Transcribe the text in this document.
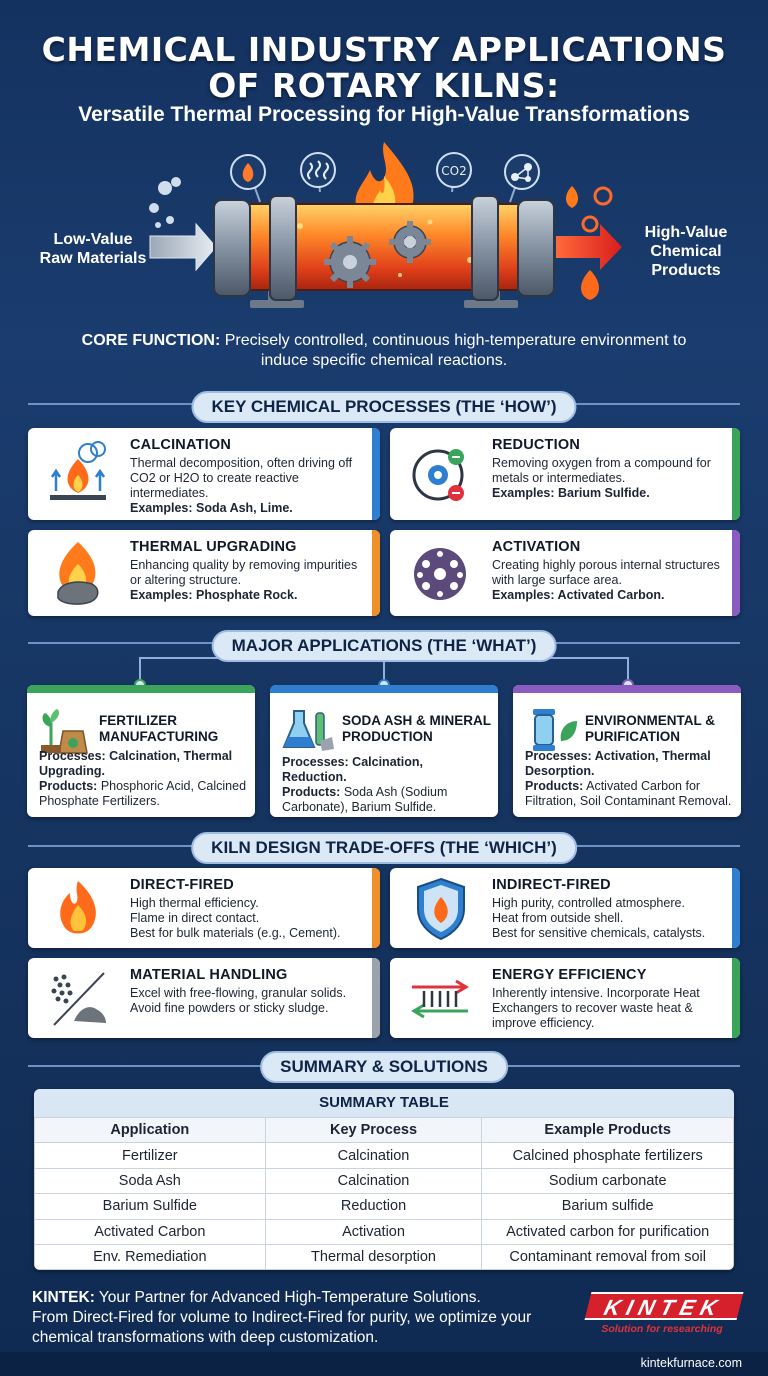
CHEMICAL INDUSTRY APPLICATIONS
OF ROTARY KILNS:
Versatile Thermal Processing for High-Value Transformations
CO2
Low-Value
Raw Materials
High-Value
Chemical
Products
CORE FUNCTION: Precisely controlled, continuous high-temperature environment to induce specific chemical reactions.
KEY CHEMICAL PROCESSES (THE ‘HOW’)
CALCINATION
Thermal decomposition, often driving off CO2 or H2O to create reactive intermediates.
Examples: Soda Ash, Lime.
REDUCTION
Removing oxygen from a compound for metals or intermediates.
Examples: Barium Sulfide.
THERMAL UPGRADING
Enhancing quality by removing impurities or altering structure.
Examples: Phosphate Rock.
ACTIVATION
Creating highly porous internal structures with large surface area.
Examples: Activated Carbon.
MAJOR APPLICATIONS (THE ‘WHAT’)
FERTILIZER
MANUFACTURING
Processes: Calcination, Thermal Upgrading.
Products: Phosphoric Acid, Calcined Phosphate Fertilizers.
SODA ASH & MINERAL
PRODUCTION
Processes: Calcination, Reduction.
Products: Soda Ash (Sodium Carbonate), Barium Sulfide.
ENVIRONMENTAL &
PURIFICATION
Processes: Activation, Thermal Desorption.
Products: Activated Carbon for Filtration, Soil Contaminant Removal.
KILN DESIGN TRADE-OFFS (THE ‘WHICH’)
DIRECT-FIRED
High thermal efficiency.
Flame in direct contact.
Best for bulk materials (e.g., Cement).
INDIRECT-FIRED
High purity, controlled atmosphere.
Heat from outside shell.
Best for sensitive chemicals, catalysts.
MATERIAL HANDLING
Excel with free-flowing, granular solids.
Avoid fine powders or sticky sludge.
ENERGY EFFICIENCY
Inherently intensive. Incorporate Heat Exchangers to recover waste heat & improve efficiency.
SUMMARY & SOLUTIONS
SUMMARY TABLE
Application	Key Process	Example Products
Fertilizer	Calcination	Calcined phosphate fertilizers
Soda Ash	Calcination	Sodium carbonate
Barium Sulfide	Reduction	Barium sulfide
Activated Carbon	Activation	Activated carbon for purification
Env. Remediation	Thermal desorption	Contaminant removal from soil
KINTEK: Your Partner for Advanced High-Temperature Solutions.
From Direct-Fired for volume to Indirect-Fired for purity, we optimize your chemical transformations with deep customization.
KINTEK
Solution for researching
kintekfurnace.com
